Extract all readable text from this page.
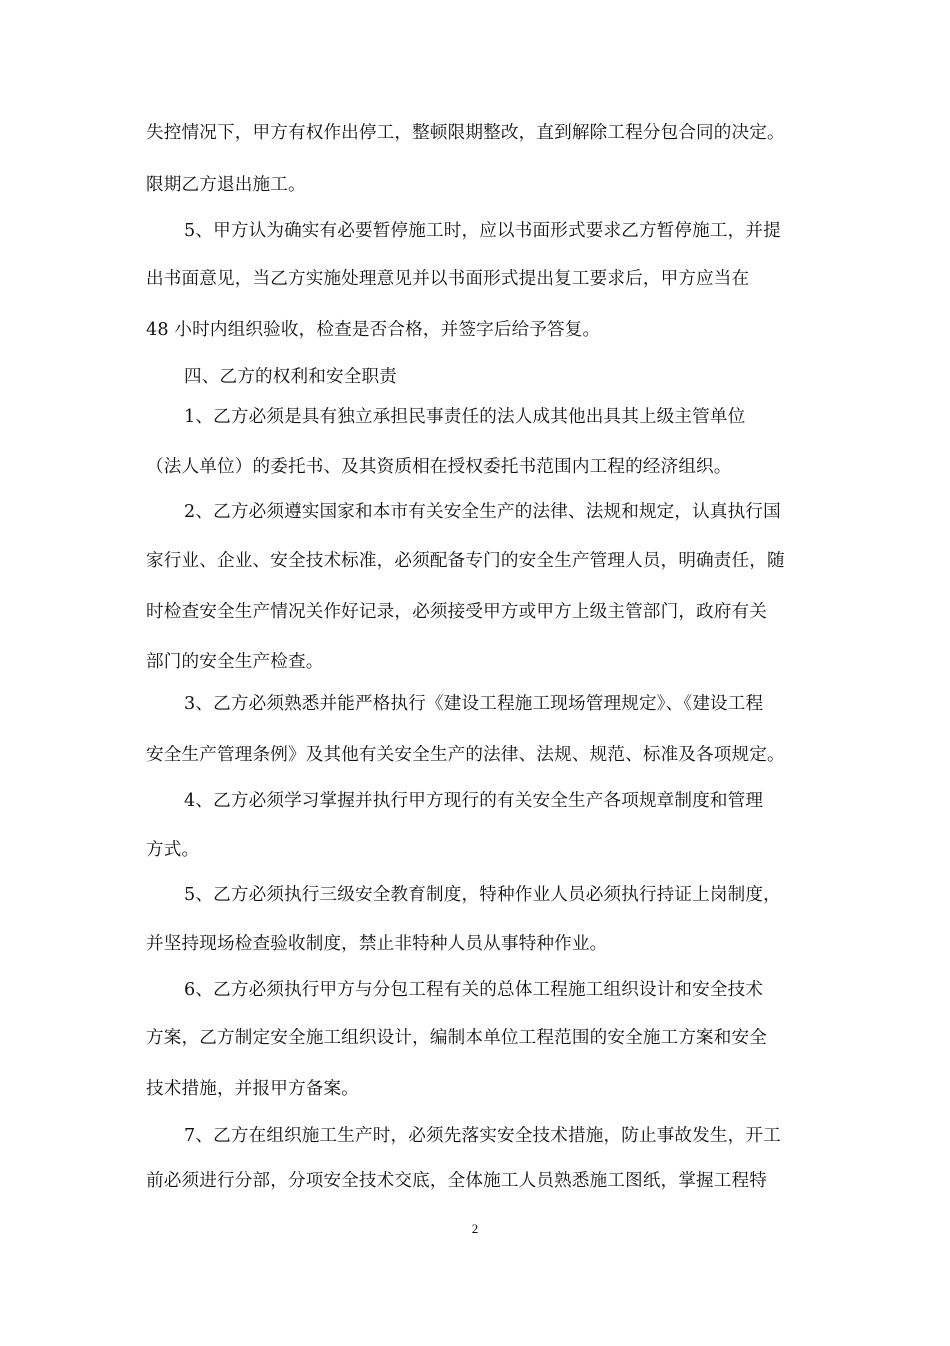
失控情况下，甲方有权作出停工，整顿限期整改，直到解除工程分包合同的决定。
限期乙方退出施工。
5、甲方认为确实有必要暂停施工时，应以书面形式要求乙方暂停施工，并提
出书面意见，当乙方实施处理意见并以书面形式提出复工要求后，甲方应当在
48 小时内组织验收，检查是否合格，并签字后给予答复。
四、乙方的权利和安全职责
1、乙方必须是具有独立承担民事责任的法人成其他出具其上级主管单位
（法人单位）的委托书、及其资质相在授权委托书范围内工程的经济组织。
2、乙方必须遵实国家和本市有关安全生产的法律、法规和规定，认真执行国
家行业、企业、安全技术标准，必须配备专门的安全生产管理人员，明确责任，随
时检查安全生产情况关作好记录，必须接受甲方或甲方上级主管部门，政府有关
部门的安全生产检查。
3、乙方必须熟悉并能严格执行《建设工程施工现场管理规定》、《建设工程
安全生产管理条例》及其他有关安全生产的法律、法规、规范、标准及各项规定。
4、乙方必须学习掌握并执行甲方现行的有关安全生产各项规章制度和管理
方式。
5、乙方必须执行三级安全教育制度，特种作业人员必须执行持证上岗制度，
并坚持现场检查验收制度，禁止非特种人员从事特种作业。
6、乙方必须执行甲方与分包工程有关的总体工程施工组织设计和安全技术
方案，乙方制定安全施工组织设计，编制本单位工程范围的安全施工方案和安全
技术措施，并报甲方备案。
7、乙方在组织施工生产时，必须先落实安全技术措施，防止事故发生，开工
前必须进行分部，分项安全技术交底，全体施工人员熟悉施工图纸，掌握工程特
2
